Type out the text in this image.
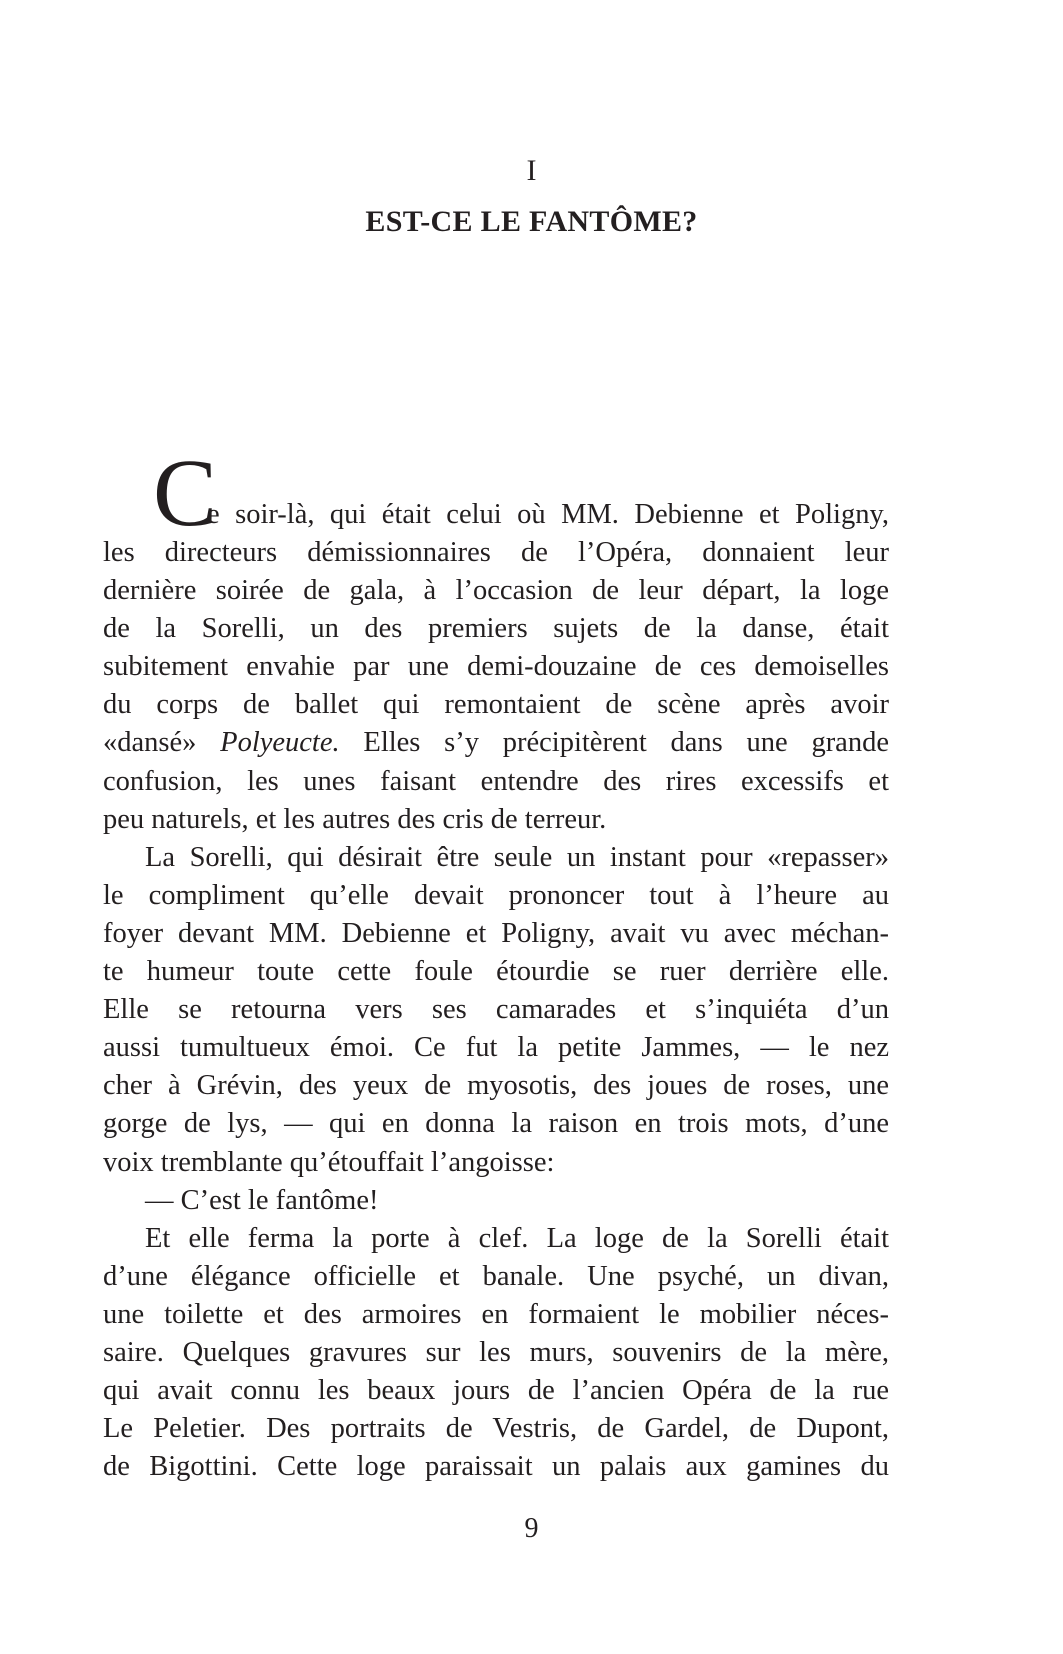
I
EST-CE LE FANTÔME?
C
e soir-là, qui était celui où MM. Debienne et Poligny,
les directeurs démissionnaires de l’Opéra, donnaient leur
dernière soirée de gala, à l’occasion de leur départ, la loge
de la Sorelli, un des premiers sujets de la danse, était
subitement envahie par une demi-douzaine de ces demoiselles
du corps de ballet qui remontaient de scène après avoir
«dansé» Polyeucte. Elles s’y précipitèrent dans une grande
confusion, les unes faisant entendre des rires excessifs et
peu naturels, et les autres des cris de terreur.
La Sorelli, qui désirait être seule un instant pour «repasser»
le compliment qu’elle devait prononcer tout à l’heure au
foyer devant MM. Debienne et Poligny, avait vu avec méchan-
te humeur toute cette foule étourdie se ruer derrière elle.
Elle se retourna vers ses camarades et s’inquiéta d’un
aussi tumultueux émoi. Ce fut la petite Jammes, — le nez
cher à Grévin, des yeux de myosotis, des joues de roses, une
gorge de lys, — qui en donna la raison en trois mots, d’une
voix tremblante qu’étouffait l’angoisse:
— C’est le fantôme!
Et elle ferma la porte à clef. La loge de la Sorelli était
d’une élégance officielle et banale. Une psyché, un divan,
une toilette et des armoires en formaient le mobilier néces-
saire. Quelques gravures sur les murs, souvenirs de la mère,
qui avait connu les beaux jours de l’ancien Opéra de la rue
Le Peletier. Des portraits de Vestris, de Gardel, de Dupont,
de Bigottini. Cette loge paraissait un palais aux gamines du
9
